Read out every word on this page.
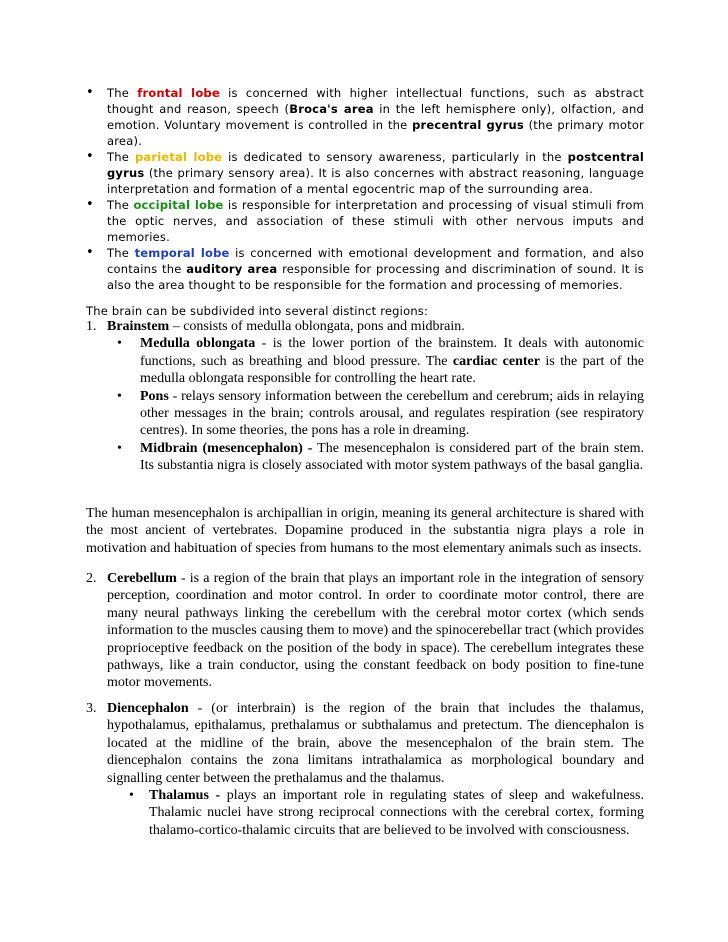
• The frontal lobe is concerned with higher intellectual functions, such as abstract thought and reason, speech (Broca's area in the left hemisphere only), olfaction, and emotion. Voluntary movement is controlled in the precentral gyrus (the primary motor area).
• The parietal lobe is dedicated to sensory awareness, particularly in the postcentral gyrus (the primary sensory area). It is also concernes with abstract reasoning, language interpretation and formation of a mental egocentric map of the surrounding area.
• The occipital lobe is responsible for interpretation and processing of visual stimuli from the optic nerves, and association of these stimuli with other nervous imputs and memories.
• The temporal lobe is concerned with emotional development and formation, and also contains the auditory area responsible for processing and discrimination of sound. It is also the area thought to be responsible for the formation and processing of memories.
The brain can be subdivided into several distinct regions:
1. Brainstem – consists of medulla oblongata, pons and midbrain.
• Medulla oblongata - is the lower portion of the brainstem. It deals with autonomic functions, such as breathing and blood pressure. The cardiac center is the part of the medulla oblongata responsible for controlling the heart rate.
• Pons - relays sensory information between the cerebellum and cerebrum; aids in relaying other messages in the brain; controls arousal, and regulates respiration (see respiratory centres). In some theories, the pons has a role in dreaming.
• Midbrain (mesencephalon) - The mesencephalon is considered part of the brain stem. Its substantia nigra is closely associated with motor system pathways of the basal ganglia.
The human mesencephalon is archipallian in origin, meaning its general architecture is shared with the most ancient of vertebrates. Dopamine produced in the substantia nigra plays a role in motivation and habituation of species from humans to the most elementary animals such as insects.
2. Cerebellum - is a region of the brain that plays an important role in the integration of sensory perception, coordination and motor control. In order to coordinate motor control, there are many neural pathways linking the cerebellum with the cerebral motor cortex (which sends information to the muscles causing them to move) and the spinocerebellar tract (which provides proprioceptive feedback on the position of the body in space). The cerebellum integrates these pathways, like a train conductor, using the constant feedback on body position to fine-tune motor movements.
3. Diencephalon - (or interbrain) is the region of the brain that includes the thalamus, hypothalamus, epithalamus, prethalamus or subthalamus and pretectum. The diencephalon is located at the midline of the brain, above the mesencephalon of the brain stem. The diencephalon contains the zona limitans intrathalamica as morphological boundary and signalling center between the prethalamus and the thalamus.
• Thalamus - plays an important role in regulating states of sleep and wakefulness. Thalamic nuclei have strong reciprocal connections with the cerebral cortex, forming thalamo-cortico-thalamic circuits that are believed to be involved with consciousness.
